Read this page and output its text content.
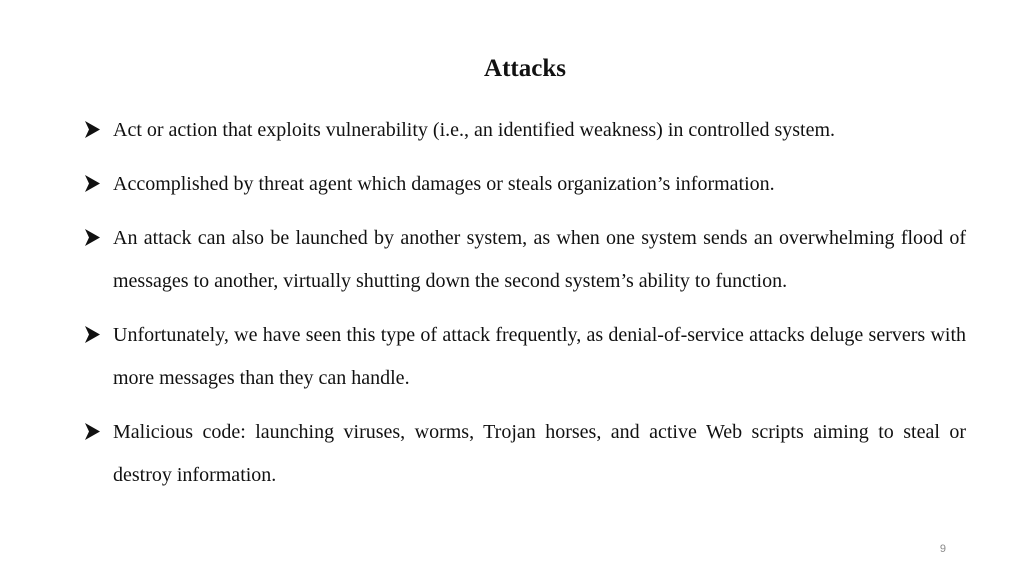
Attacks
Act or action that exploits vulnerability (i.e., an identified weakness) in controlled system.
Accomplished by threat agent which damages or steals organization’s information.
An attack can also be launched by another system, as when one system sends an overwhelming flood of messages to another, virtually shutting down the second system’s ability to function.
Unfortunately, we have seen this type of attack frequently, as denial-of-service attacks deluge servers with more messages than they can handle.
Malicious code: launching viruses, worms, Trojan horses, and active Web scripts aiming to steal or destroy information.
9
